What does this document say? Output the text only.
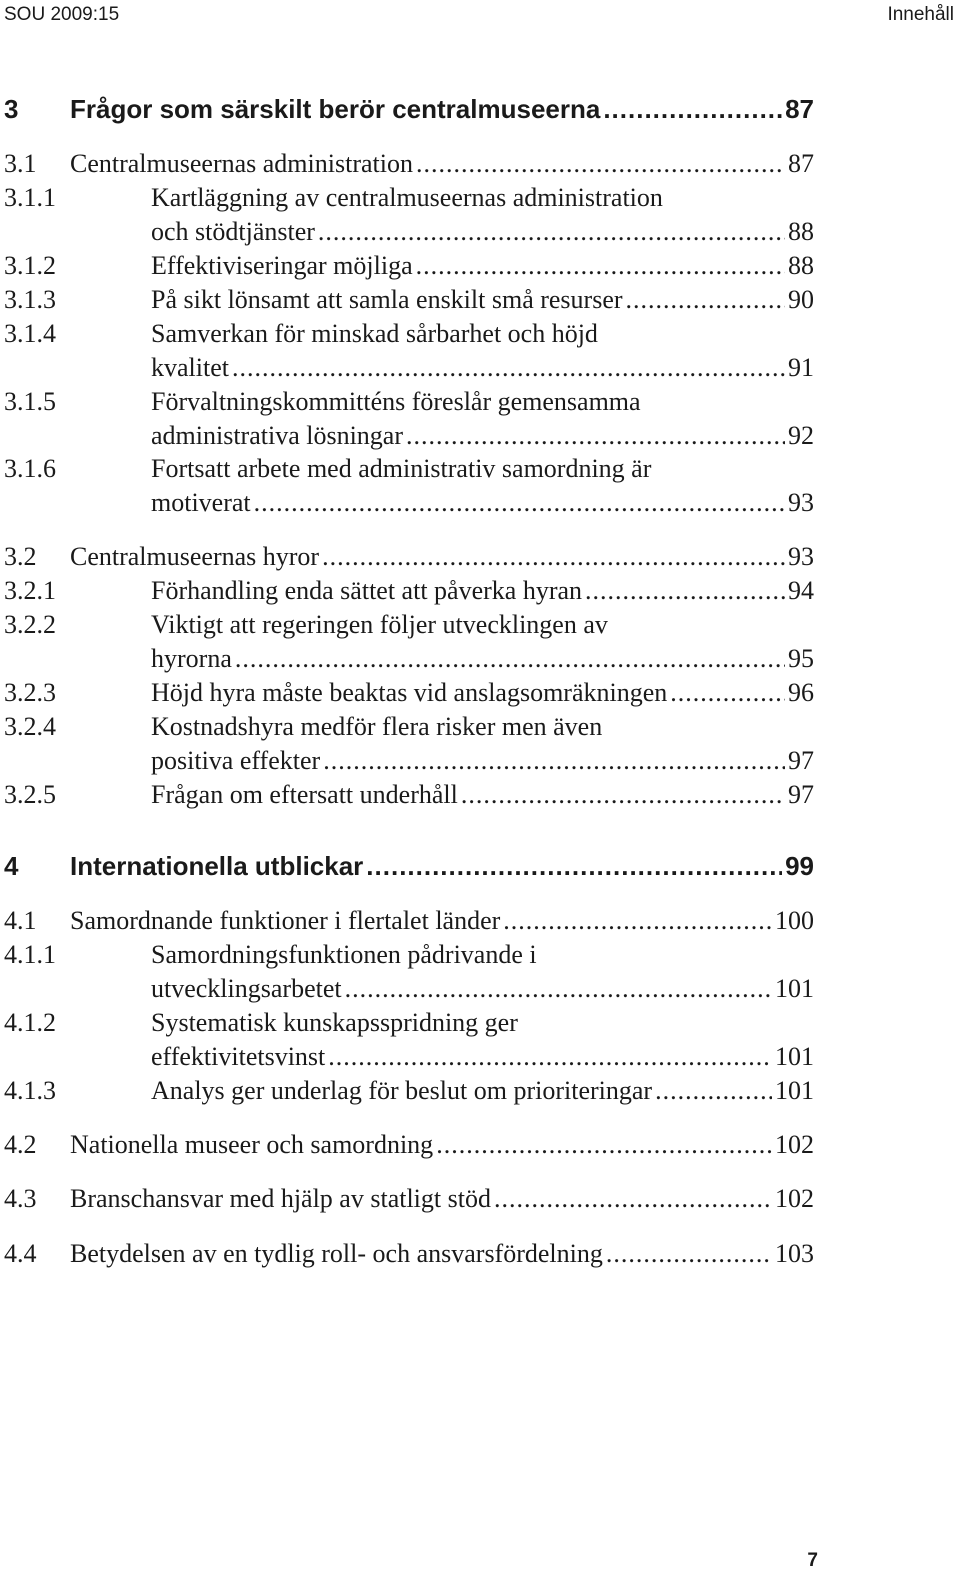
SOU 2009:15	Innehåll
3	Frågor som särskilt berör centralmuseerna .....	87
3.1	Centralmuseernas administration .....	87
3.1.1	Kartläggning av centralmuseernas administration
och stödtjänster .....	88
3.1.2	Effektiviseringar möjliga .....	88
3.1.3	På sikt lönsamt att samla enskilt små resurser .....	90
3.1.4	Samverkan för minskad sårbarhet och höjd
kvalitet .....	91
3.1.5	Förvaltningskommitténs föreslår gemensamma
administrativa lösningar .....	92
3.1.6	Fortsatt arbete med administrativ samordning är
motiverat .....	93
3.2	Centralmuseernas hyror .....	93
3.2.1	Förhandling enda sättet att påverka hyran .....	94
3.2.2	Viktigt att regeringen följer utvecklingen av
hyrorna .....	95
3.2.3	Höjd hyra måste beaktas vid anslagsomräkningen .....	96
3.2.4	Kostnadshyra medför flera risker men även
positiva effekter .....	97
3.2.5	Frågan om eftersatt underhåll .....	97
4	Internationella utblickar .....	99
4.1	Samordnande funktioner i flertalet länder .....	100
4.1.1	Samordningsfunktionen pådrivande i
utvecklingsarbetet .....	101
4.1.2	Systematisk kunskapsspridning ger
effektivitetsvinst .....	101
4.1.3	Analys ger underlag för beslut om prioriteringar .....	101
4.2	Nationella museer och samordning .....	102
4.3	Branschansvar med hjälp av statligt stöd .....	102
4.4	Betydelsen av en tydlig roll- och ansvarsfördelning .....	103
7
